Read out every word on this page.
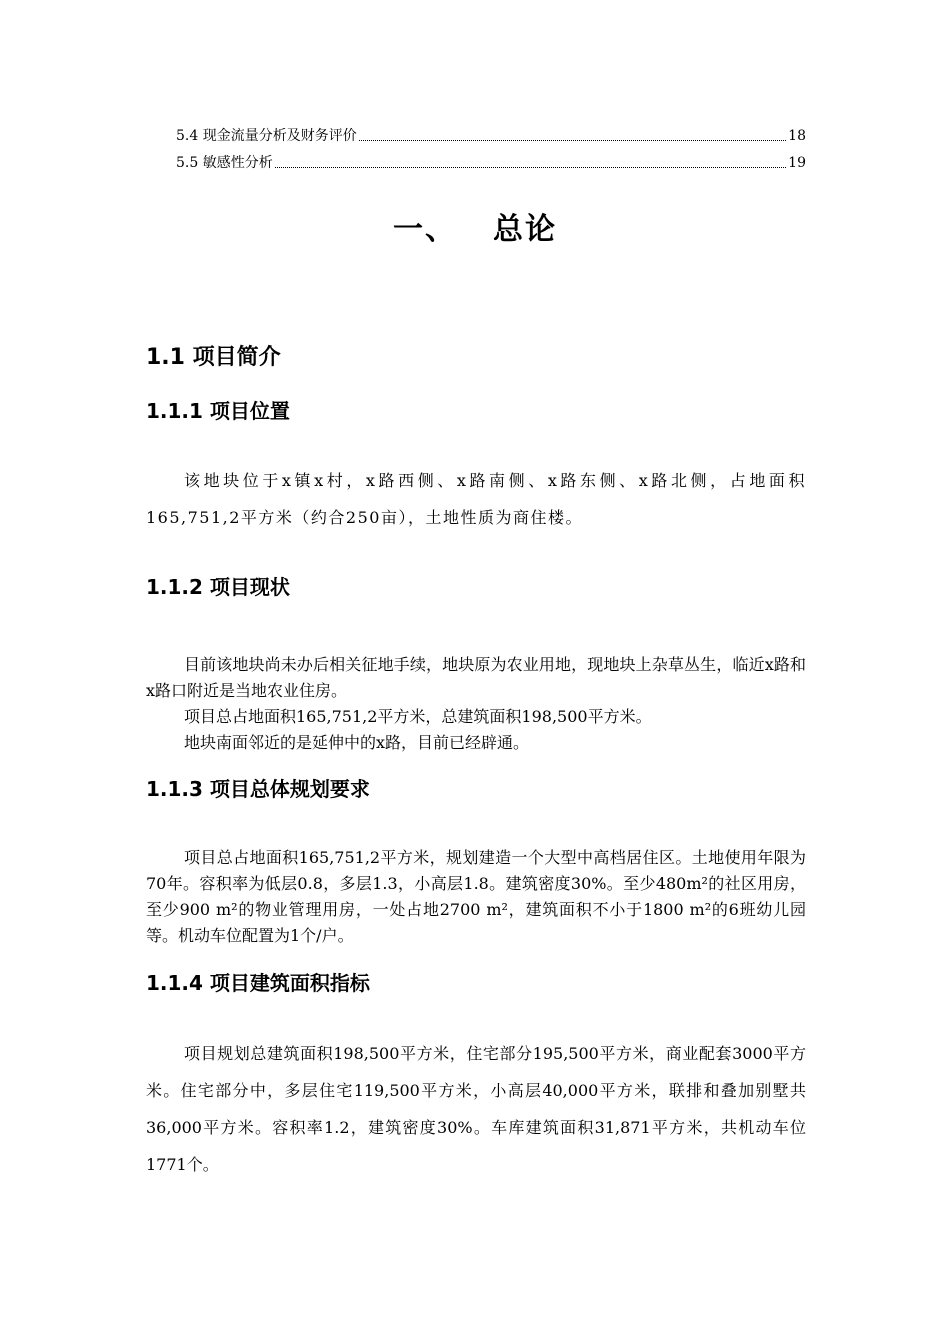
5.4 现金流量分析及财务评价	18
5.5 敏感性分析	19
一、 总论
1.1 项目简介
1.1.1 项目位置

该地块位于x镇x村，x路西侧、x路南侧、x路东侧、x路北侧，占地面积165,751,2平方米（约合250亩），土地性质为商住楼。

1.1.2 项目现状

目前该地块尚未办后相关征地手续，地块原为农业用地，现地块上杂草丛生，临近x路和x路口附近是当地农业住房。

项目总占地面积165,751,2平方米，总建筑面积198,500平方米。

地块南面邻近的是延伸中的x路，目前已经辟通。

1.1.3 项目总体规划要求

项目总占地面积165,751,2平方米，规划建造一个大型中高档居住区。土地使用年限为70年。容积率为低层0.8，多层1.3，小高层1.8。建筑密度30%。至少480m²的社区用房，至少900 m²的物业管理用房，一处占地2700 m²，建筑面积不小于1800 m²的6班幼儿园等。机动车位配置为1个/户。

1.1.4 项目建筑面积指标

项目规划总建筑面积198,500平方米，住宅部分195,500平方米，商业配套3000平方米。住宅部分中，多层住宅119,500平方米，小高层40,000平方米，联排和叠加别墅共36,000平方米。容积率1.2，建筑密度30%。车库建筑面积31,871平方米，共机动车位1771个。
